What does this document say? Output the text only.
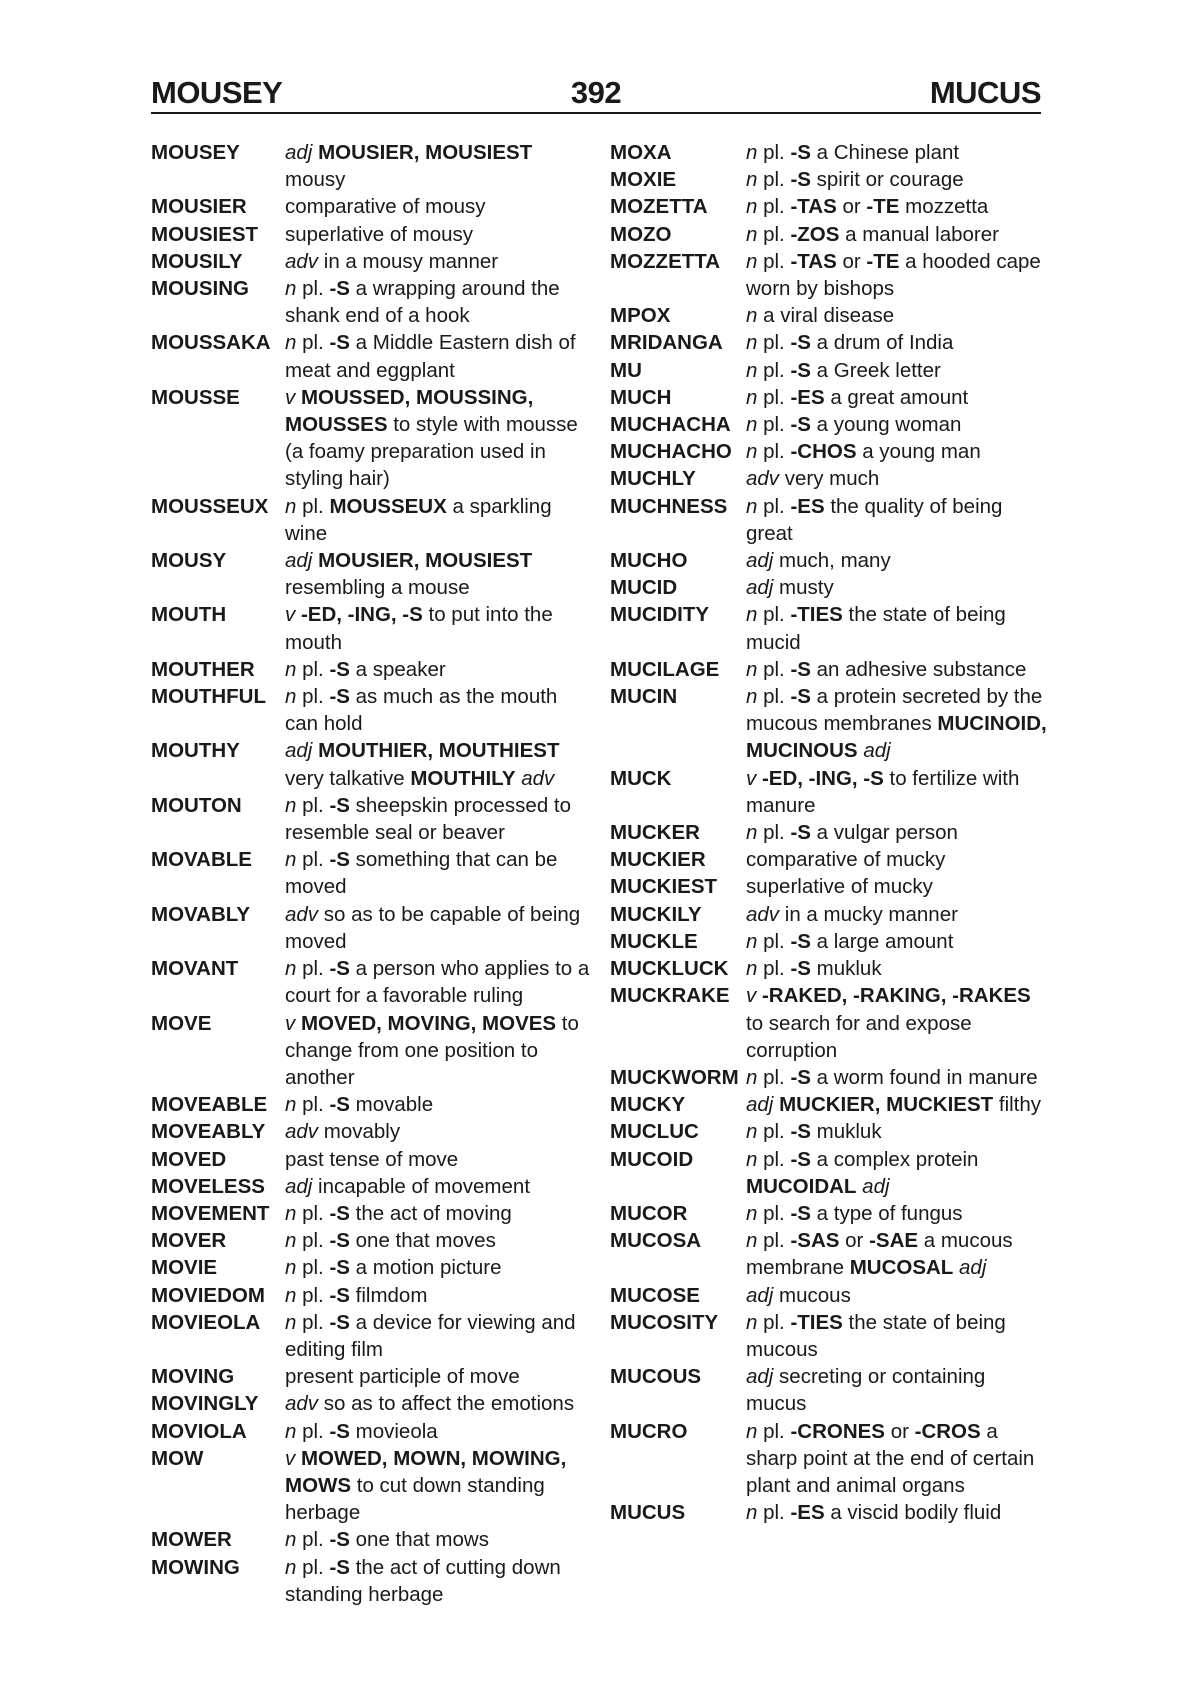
MOUSEY	392	MUCUS
MOUSEY	adj MOUSIER, MOUSIEST mousy
MOUSIER	comparative of mousy
MOUSIEST	superlative of mousy
MOUSILY	adv in a mousy manner
MOUSING	n pl. -S a wrapping around the shank end of a hook
MOUSSAKA n pl. -S a Middle Eastern dish of meat and eggplant
MOUSSE	v MOUSSED, MOUSSING, MOUSSES to style with mousse (a foamy preparation used in styling hair)
MOUSSEUX n pl. MOUSSEUX a sparkling wine
MOUSY	adj MOUSIER, MOUSIEST resembling a mouse
MOUTH	v -ED, -ING, -S to put into the mouth
MOUTHER	n pl. -S a speaker
MOUTHFUL n pl. -S as much as the mouth can hold
MOUTHY	adj MOUTHIER, MOUTHIEST very talkative MOUTHILY adv
MOUTON	n pl. -S sheepskin processed to resemble seal or beaver
MOVABLE	n pl. -S something that can be moved
MOVABLY	adv so as to be capable of being moved
MOVANT	n pl. -S a person who applies to a court for a favorable ruling
MOVE	v MOVED, MOVING, MOVES to change from one position to another
MOVEABLE n pl. -S movable
MOVEABLY adv movably
MOVED	past tense of move
MOVELESS adj incapable of movement
MOVEMENT n pl. -S the act of moving
MOVER	n pl. -S one that moves
MOVIE	n pl. -S a motion picture
MOVIEDOM n pl. -S filmdom
MOVIEOLA	n pl. -S a device for viewing and editing film
MOVING	present participle of move
MOVINGLY	adv so as to affect the emotions
MOVIOLA	n pl. -S movieola
MOW	v MOWED, MOWN, MOWING, MOWS to cut down standing herbage
MOWER	n pl. -S one that mows
MOWING	n pl. -S the act of cutting down standing herbage
MOXA	n pl. -S a Chinese plant
MOXIE	n pl. -S spirit or courage
MOZETTA	n pl. -TAS or -TE mozzetta
MOZO	n pl. -ZOS a manual laborer
MOZZETTA	n pl. -TAS or -TE a hooded cape worn by bishops
MPOX	n a viral disease
MRIDANGA	n pl. -S a drum of India
MU	n pl. -S a Greek letter
MUCH	n pl. -ES a great amount
MUCHACHA n pl. -S a young woman
MUCHACHO n pl. -CHOS a young man
MUCHLY	adv very much
MUCHNESS n pl. -ES the quality of being great
MUCHO	adj much, many
MUCID	adj musty
MUCIDITY	n pl. -TIES the state of being mucid
MUCILAGE	n pl. -S an adhesive substance
MUCIN	n pl. -S a protein secreted by the mucous membranes MUCINOID, MUCINOUS adj
MUCK	v -ED, -ING, -S to fertilize with manure
MUCKER	n pl. -S a vulgar person
MUCKIER	comparative of mucky
MUCKIEST	superlative of mucky
MUCKILY	adv in a mucky manner
MUCKLE	n pl. -S a large amount
MUCKLUCK n pl. -S mukluk
MUCKRAKE v -RAKED, -RAKING, -RAKES to search for and expose corruption
MUCKWORM n pl. -S a worm found in manure
MUCKY	adj MUCKIER, MUCKIEST filthy
MUCLUC	n pl. -S mukluk
MUCOID	n pl. -S a complex protein MUCOIDAL adj
MUCOR	n pl. -S a type of fungus
MUCOSA	n pl. -SAS or -SAE a mucous membrane MUCOSAL adj
MUCOSE	adj mucous
MUCOSITY	n pl. -TIES the state of being mucous
MUCOUS	adj secreting or containing mucus
MUCRO	n pl. -CRONES or -CROS a sharp point at the end of certain plant and animal organs
MUCUS	n pl. -ES a viscid bodily fluid
